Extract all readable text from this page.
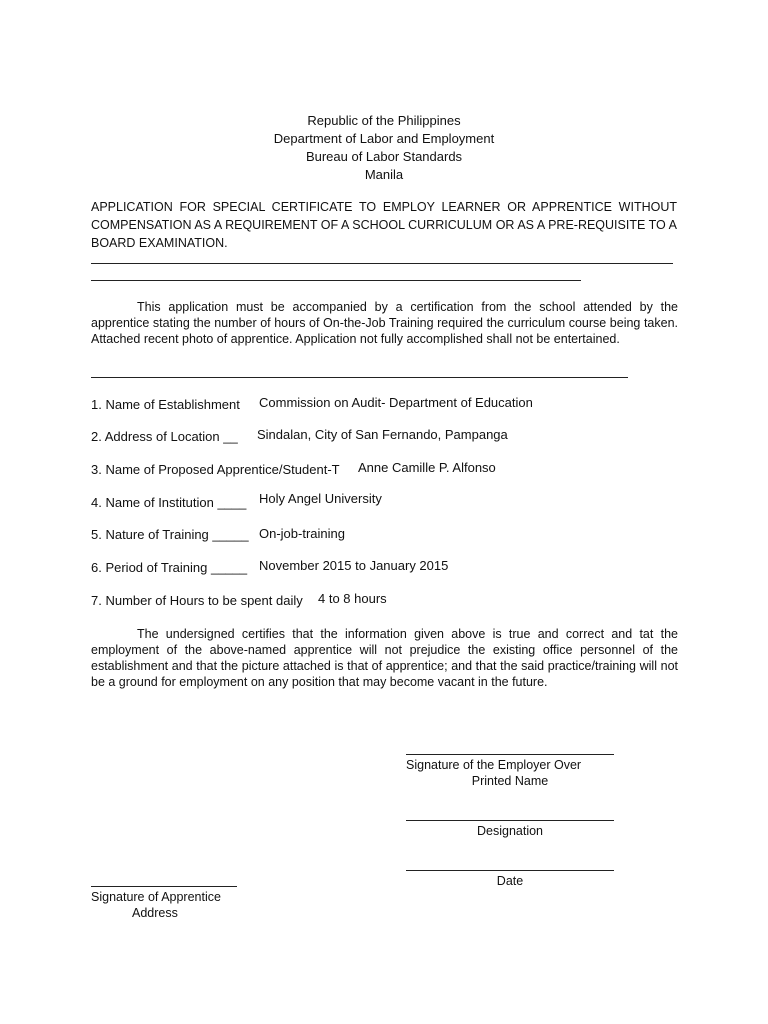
Republic of the Philippines
Department of Labor and Employment
Bureau of Labor Standards
Manila
APPLICATION FOR SPECIAL CERTIFICATE TO EMPLOY LEARNER OR APPRENTICE WITHOUT COMPENSATION AS A REQUIREMENT OF A SCHOOL CURRICULUM OR AS A PRE-REQUISITE TO A BOARD EXAMINATION.
This application must be accompanied by a certification from the school attended by the apprentice stating the number of hours of On-the-Job Training required the curriculum course being taken. Attached recent photo of apprentice. Application not fully accomplished shall not be entertained.
1. Name of Establishment	Commission on Audit- Department of Education
2. Address of Location __	Sindalan, City of San Fernando, Pampanga
3. Name of Proposed Apprentice/Student-T	Anne Camille P. Alfonso
4. Name of Institution ____ Holy Angel University
5. Nature of Training _____ On-job-training
6. Period of Training _____ November 2015 to January 2015
7. Number of Hours to be spent daily	4 to 8 hours
The undersigned certifies that the information given above is true and correct and tat the employment of the above-named apprentice will not prejudice the existing office personnel of the establishment and that the picture attached is that of apprentice; and that the said practice/training will not be a ground for employment on any position that may become vacant in the future.
Signature of the Employer Over
Printed Name
Designation
Date
Signature of Apprentice
Address
